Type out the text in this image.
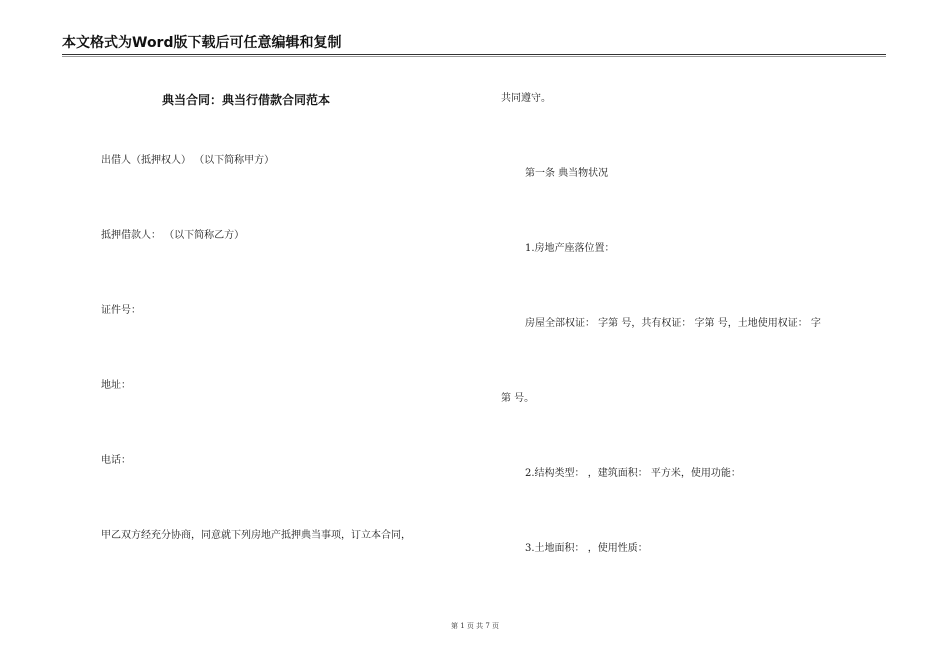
本文格式为Word版下载后可任意编辑和复制
典当合同：典当行借款合同范本
出借人（抵押权人） （以下简称甲方）
抵押借款人： （以下简称乙方）
证件号：
地址：
电话：
甲乙双方经充分协商，同意就下列房地产抵押典当事项，订立本合同，
共同遵守。
第一条 典当物状况
1.房地产座落位置：
房屋全部权证： 字第 号，共有权证： 字第 号，土地使用权证： 字
第 号。
2.结构类型： ，建筑面积： 平方米，使用功能：
3.土地面积： ，使用性质：
第 1 页 共 7 页
